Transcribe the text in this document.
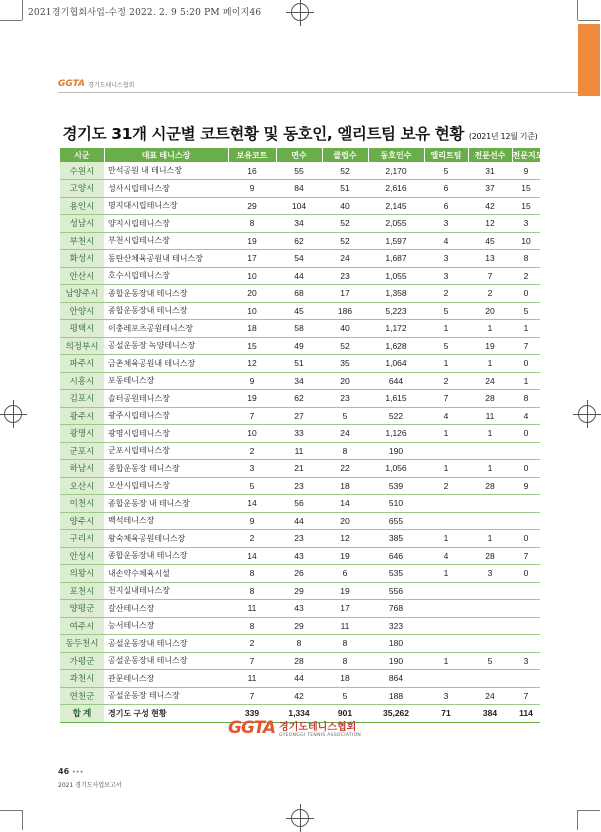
2021경기협회사업-수정 2022. 2. 9 5:20 PM 페이지46
GGTA 경기도테니스협회
경기도 31개 시군별 코트현황 및 동호인, 엘리트팀 보유 현황 (2021년 12월 기준)
시군	대표 테니스장	보유코트	면수	클럽수	동호인수	엘리트팀	전문선수	전문지도자
수원시	만석공원 내 테니스장	16	55	52	2,170	5	31	9
고양시	성사시립테니스장	9	84	51	2,616	6	37	15
용인시	명지대시립테니스장	29	104	40	2,145	6	42	15
성남시	양지시립테니스장	8	34	52	2,055	3	12	3
부천시	부천시립테니스장	19	62	52	1,597	4	45	10
화성시	동탄산체육공원내 테니스장	17	54	24	1,687	3	13	8
안산시	호수시립테니스장	10	44	23	1,055	3	7	2
남양주시	종합운동장내 테니스장	20	68	17	1,358	2	2	0
안양시	종합운동장내 테니스장	10	45	186	5,223	5	20	5
평택시	이충레포츠공원테니스장	18	58	40	1,172	1	1	1
의정부시	공설운동장 녹양테니스장	15	49	52	1,628	5	19	7
파주시	금촌체육공원내 테니스장	12	51	35	1,064	1	1	0
시흥시	포동테니스장	9	34	20	644	2	24	1
김포시	솔터공원테니스장	19	62	23	1,615	7	28	8
광주시	광주시립테니스장	7	27	5	522	4	11	4
광명시	광명시립테니스장	10	33	24	1,126	1	1	0
군포시	군포시립테니스장	2	11	8	190			
하남시	종합운동장 테니스장	3	21	22	1,056	1	1	0
오산시	오산시립테니스장	5	23	18	539	2	28	9
이천시	종합운동장 내 테니스장	14	56	14	510			
양주시	백석테니스장	9	44	20	655			
구리시	왕숙체육공원테니스장	2	23	12	385	1	1	0
안성시	종합운동장내 테니스장	14	43	19	646	4	28	7
의왕시	내손약수체육시설	8	26	6	535	1	3	0
포천시	천지실내테니스장	8	29	19	556			
양평군	갈산테니스장	11	43	17	768			
여주시	능서테니스장	8	29	11	323			
동두천시	공설운동장내 테니스장	2	8	8	180			
가평군	공설운동장내 테니스장	7	28	8	190	1	5	3
과천시	관문테니스장	11	44	18	864			
연천군	공설운동장 테니스장	7	42	5	188	3	24	7
합 계	경기도 구성 현황	339	1,334	901	35,262	71	384	114
GGTA 경기도테니스협회
GYEONGGI TENNIS ASSOCIATION
46 •••
2021 경기도사업보고서
